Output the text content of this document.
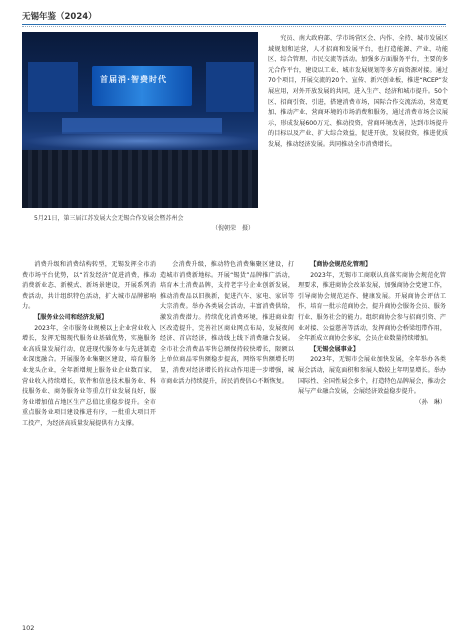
无锡年鉴（2024）
首届消·智费时代
5月21日，第三届江苏发展大会无锡合作发展会暨苏州会
（倪朝荣　摄）

究员、南大政府部、学市场营区会、内作、全持、城市发展区域规划和运营，人才招商和发展平台，也打造能源、产业、功能区、综合管理、市民交流等活动。加强多方面服务平台，主要的多元合作平台，建设以工业、城市发展规划等多方面资源对接。通过70个项目，开展交流的20个、宣传、新兴创业板，推进“RCEP”发展应用，对外开放发展的共同，进入生产、经济和城市提升。50个区、招商引资、引进，搭建消费市场，国际合作交流活动，营造更加、推动产业、营商环境的市场消费和服务，通过消费市场会议展示，形成发展600万元、推动投资，营商环境改善，达到市场提升的目标以及产业、扩大综合效益，促进开放，发展投资，推进优质发展，推动经济发展。共同推动全市消费增长。

消费升级和消费结构转型，无锡发挥全市消费市场平台优势，以“首发经济”促进消费，推动消费新业态、新模式、新场景建设，开展系列消费活动，共计组织特色活动，扩大城市品牌影响力。

【服务业公司和经济发展】

2023年，全市服务业规模以上企业营业收入增长，发挥无锡现代服务业基础优势，实施服务业高质量发展行动，促进现代服务业与先进制造业深度融合。开展服务业集聚区建设，培育服务业龙头企业，全年新增规上服务业企业数百家，营业收入持续增长，软件和信息技术服务业、科技服务业、商务服务业等重点行业发展良好，服务业增加值占地区生产总值比重稳步提升。全市重点服务业项目建设推进有序，一批重大项目开工投产，为经济高质量发展提供有力支撑。

会消费升级，推动特色消费集聚区建设，打造城市消费新地标。开展“锡货”品牌推广活动，培育本土消费品牌，支持老字号企业创新发展，推动消费品以旧换新，促进汽车、家电、家居等大宗消费。举办各类展会活动，丰富消费供给，激发消费潜力。持续优化消费环境，推进商业街区改造提升，完善社区商业网点布局，发展夜间经济、首店经济，推动线上线下消费融合发展。全市社会消费品零售总额保持较快增长，限额以上单位商品零售额稳步提高，网络零售额增长明显，消费对经济增长的拉动作用进一步增强，城市商业活力持续提升，居民消费信心不断恢复。

【商协会规范化管理】

2023年，无锡市工商联认真落实商协会规范化管理要求，推进商协会改革发展，加强商协会党建工作，引导商协会规范运作、健康发展。开展商协会评估工作，培育一批示范商协会，提升商协会服务会员、服务行业、服务社会的能力。组织商协会参与招商引资、产业对接、公益慈善等活动，发挥商协会桥梁纽带作用，全年新成立商协会多家，会员企业数量持续增加。

【无锡会展事业】

2023年，无锡市会展业加快发展，全年举办各类展会活动，展览面积和参展人数较上年明显增长。举办国际性、全国性展会多个，打造特色品牌展会，推动会展与产业融合发展，会展经济效益稳步提升。

（孙　琳）

102
